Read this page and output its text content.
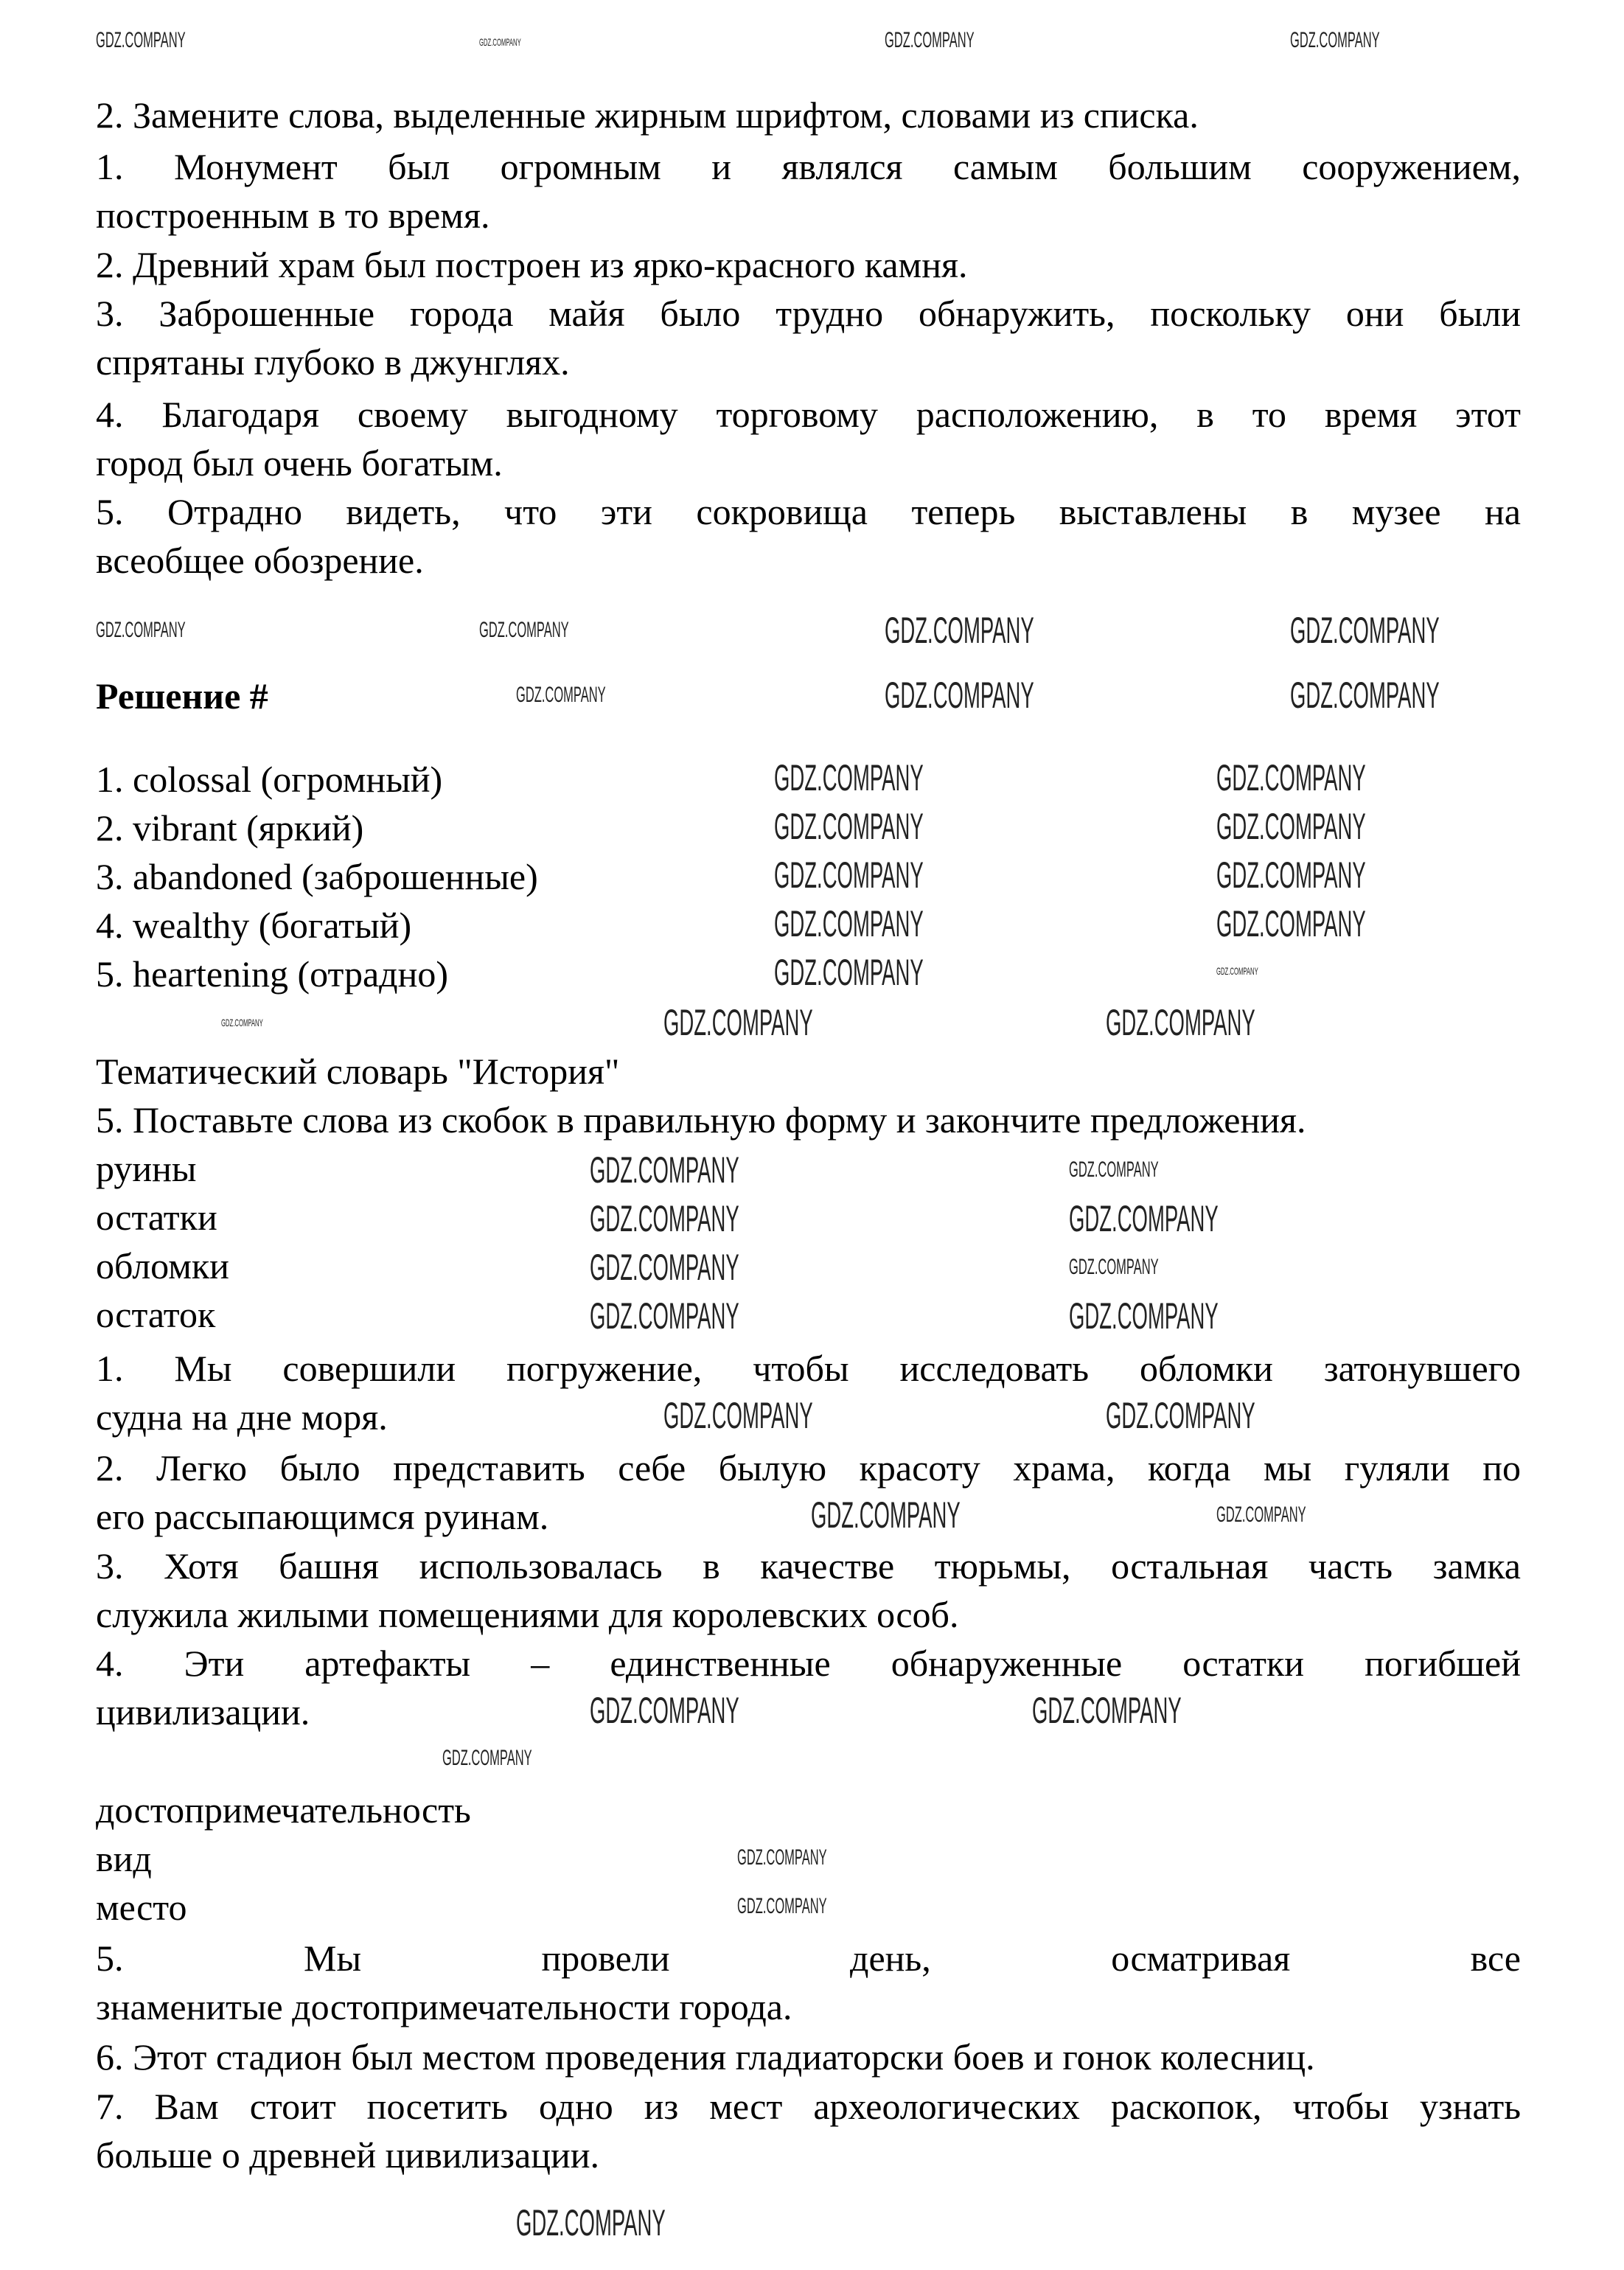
2. Замените слова, выделенные жирным шрифтом, словами из списка.
1. Монумент был огромным и являлся самым большим сооружением,
построенным в то время.
2. Древний храм был построен из ярко-красного камня.
3. Заброшенные города майя было трудно обнаружить, поскольку они были
спрятаны глубоко в джунглях.
4. Благодаря своему выгодному торговому расположению, в то время этот
город был очень богатым.
5. Отрадно видеть, что эти сокровища теперь выставлены в музее на
всеобщее обозрение.
Решение #
1. colossal (огромный)
2. vibrant (яркий)
3. abandoned (заброшенные)
4. wealthy (богатый)
5. heartening (отрадно)
Тематический словарь "История"
5. Поставьте слова из скобок в правильную форму и закончите предложения.
руины
остатки
обломки
остаток
1. Мы совершили погружение, чтобы исследовать обломки затонувшего
судна на дне моря.
2. Легко было представить себе былую красоту храма, когда мы гуляли по
его рассыпающимся руинам.
3. Хотя башня использовалась в качестве тюрьмы, остальная часть замка
служила жилыми помещениями для королевских особ.
4. Эти артефакты – единственные обнаруженные остатки погибшей
цивилизации.
достопримечательность
вид
место
5. Мы провели день, осматривая все
знаменитые достопримечательности города.
6. Этот стадион был местом проведения гладиаторски боев и гонок колесниц.
7. Вам стоит посетить одно из мест археологических раскопок, чтобы узнать
больше о древней цивилизации.
GDZ.COMPANY	GDZ.COMPANY	GDZ.COMPANY	GDZ.COMPANY
GDZ.COMPANY	GDZ.COMPANY	GDZ.COMPANY	GDZ.COMPANY
GDZ.COMPANY	GDZ.COMPANY	GDZ.COMPANY
GDZ.COMPANY	GDZ.COMPANY
GDZ.COMPANY	GDZ.COMPANY
GDZ.COMPANY	GDZ.COMPANY
GDZ.COMPANY	GDZ.COMPANY
GDZ.COMPANY	GDZ.COMPANY
GDZ.COMPANY	GDZ.COMPANY	GDZ.COMPANY
GDZ.COMPANY	GDZ.COMPANY
GDZ.COMPANY	GDZ.COMPANY
GDZ.COMPANY	GDZ.COMPANY
GDZ.COMPANY	GDZ.COMPANY
GDZ.COMPANY	GDZ.COMPANY
GDZ.COMPANY	GDZ.COMPANY
GDZ.COMPANY	GDZ.COMPANY
GDZ.COMPANY
GDZ.COMPANY
GDZ.COMPANY
GDZ.COMPANY
